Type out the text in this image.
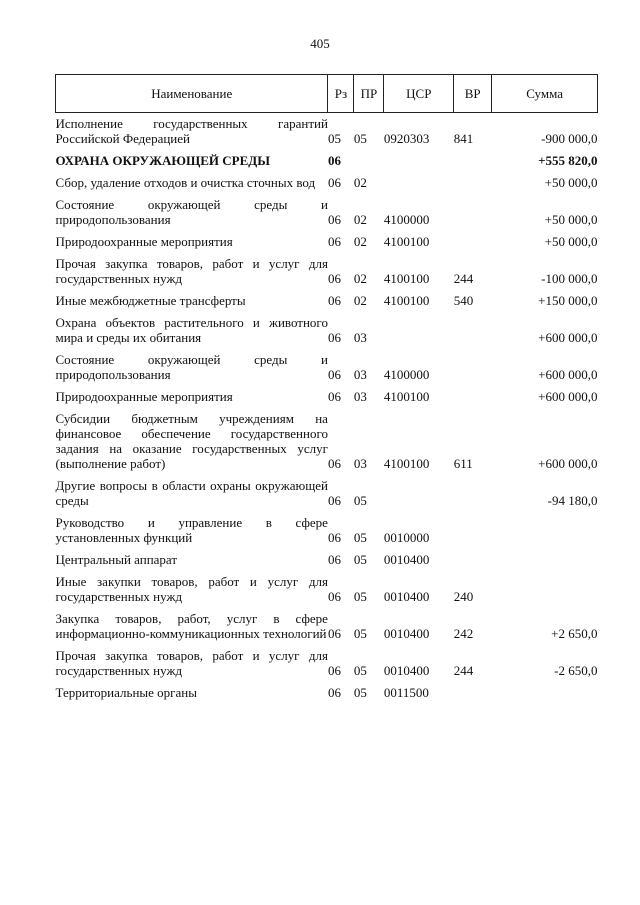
405
Наименование	Рз	ПР	ЦСР	ВР	Сумма
Исполнение государственных гарантий Российской Федерацией	05	05	0920303	841	-900 000,0
ОХРАНА ОКРУЖАЮЩЕЙ СРЕДЫ	06				+555 820,0
Сбор, удаление отходов и очистка сточных вод	06	02			+50 000,0
Состояние окружающей среды и природопользования	06	02	4100000		+50 000,0
Природоохранные мероприятия	06	02	4100100		+50 000,0
Прочая закупка товаров, работ и услуг для государственных нужд	06	02	4100100	244	-100 000,0
Иные межбюджетные трансферты	06	02	4100100	540	+150 000,0
Охрана объектов растительного и животного мира и среды их обитания	06	03			+600 000,0
Состояние окружающей среды и природопользования	06	03	4100000		+600 000,0
Природоохранные мероприятия	06	03	4100100		+600 000,0
Субсидии бюджетным учреждениям на финансовое обеспечение государственного задания на оказание государственных услуг (выполнение работ)	06	03	4100100	611	+600 000,0
Другие вопросы в области охраны окружающей среды	06	05			-94 180,0
Руководство и управление в сфере установленных функций	06	05	0010000		
Центральный аппарат	06	05	0010400		
Иные закупки товаров, работ и услуг для государственных нужд	06	05	0010400	240	
Закупка товаров, работ, услуг в сфере информационно-коммуникационных технологий	06	05	0010400	242	+2 650,0
Прочая закупка товаров, работ и услуг для государственных нужд	06	05	0010400	244	-2 650,0
Территориальные органы	06	05	0011500		
